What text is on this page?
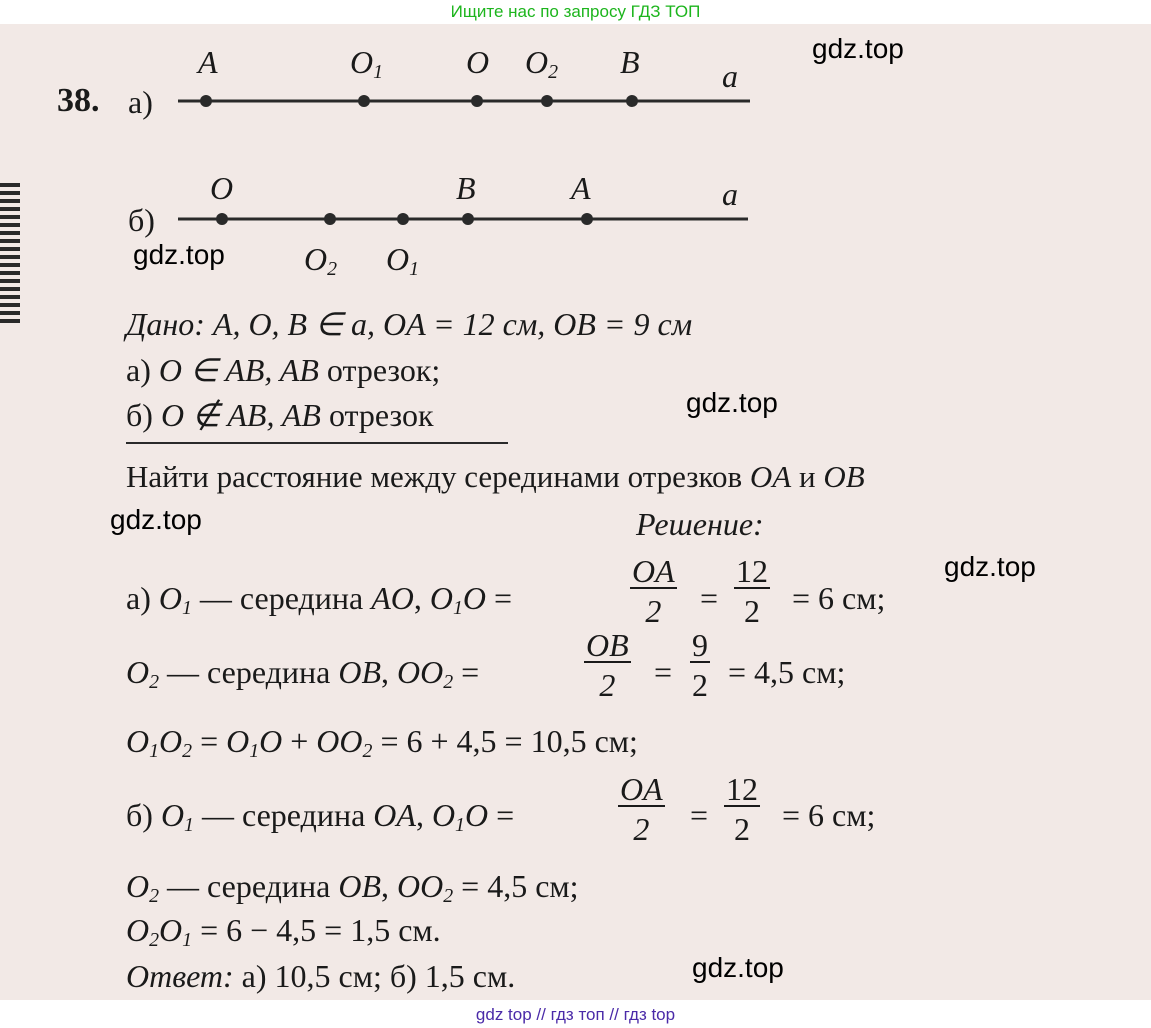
Ищите нас по запросу ГДЗ ТОП
gdz.top
gdz.top
gdz.top
gdz.top
gdz.top
gdz.top
38. а)
A	$O_1$	O $O_2$ B	a
б)
O	B	A	a
$O_2$ $O_1$
Дано: A, O, B ∈ a, OA = 12 см, OB = 9 см
а) O ∈ AB, AB отрезок;
б) O ∉ AB, AB отрезок
Найти расстояние между серединами отрезков OA и OB
Решение:
а) $O_1$ — середина AO, $O_1O$ =	$\frac{OA}{2} = \frac{12}{2} = 6$ см;
$O_2$ — середина OB, $OO_2$ =	$\frac{OB}{2} = \frac{9}{2} = 4,5$ см;
$O_1O_2 = O_1O + OO_2 = 6 + 4,5 = 10,5$ см;
б) $O_1$ — середина OA, $O_1O$ =	$\frac{OA}{2} = \frac{12}{2} = 6$ см;
$O_2$ — середина OB, $OO_2 = 4,5$ см;
$O_2O_1 = 6 - 4,5 = 1,5$ см.
Ответ: а) 10,5 см; б) 1,5 см.
gdz top // гдз топ // гдз top
